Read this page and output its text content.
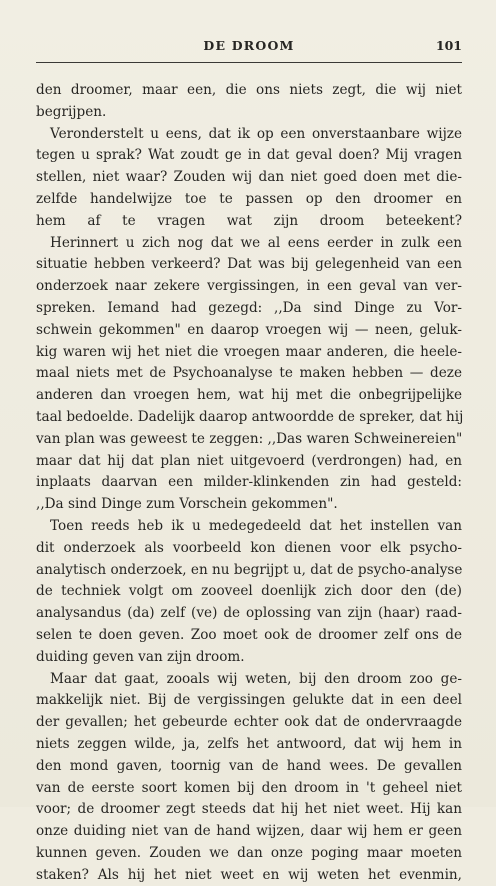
DE DROOM	101
den droomer, maar een, die ons niets zegt, die wij niet
begrijpen.
Veronderstelt u eens, dat ik op een onverstaanbare wijze
tegen u sprak? Wat zoudt ge in dat geval doen? Mij vragen
stellen, niet waar? Zouden wij dan niet goed doen met die-
zelfde handelwijze toe te passen op den droomer en
hem af te vragen wat zijn droom beteekent?
Herinnert u zich nog dat we al eens eerder in zulk een
situatie hebben verkeerd? Dat was bij gelegenheid van een
onderzoek naar zekere vergissingen, in een geval van ver-
spreken. Iemand had gezegd: ,,Da sind Dinge zu Vor-
schwein gekommen" en daarop vroegen wij — neen, geluk-
kig waren wij het niet die vroegen maar anderen, die heele-
maal niets met de Psychoanalyse te maken hebben — deze
anderen dan vroegen hem, wat hij met die onbegrijpelijke
taal bedoelde. Dadelijk daarop antwoordde de spreker, dat hij
van plan was geweest te zeggen: ,,Das waren Schweinereien"
maar dat hij dat plan niet uitgevoerd (verdrongen) had, en
inplaats daarvan een milder-klinkenden zin had gesteld:
,,Da sind Dinge zum Vorschein gekommen".
Toen reeds heb ik u medegedeeld dat het instellen van
dit onderzoek als voorbeeld kon dienen voor elk psycho-
analytisch onderzoek, en nu begrijpt u, dat de psycho-analyse
de techniek volgt om zooveel doenlijk zich door den (de)
analysandus (da) zelf (ve) de oplossing van zijn (haar) raad-
selen te doen geven. Zoo moet ook de droomer zelf ons de
duiding geven van zijn droom.
Maar dat gaat, zooals wij weten, bij den droom zoo ge-
makkelijk niet. Bij de vergissingen gelukte dat in een deel
der gevallen; het gebeurde echter ook dat de ondervraagde
niets zeggen wilde, ja, zelfs het antwoord, dat wij hem in
den mond gaven, toornig van de hand wees. De gevallen
van de eerste soort komen bij den droom in 't geheel niet
voor; de droomer zegt steeds dat hij het niet weet. Hij kan
onze duiding niet van de hand wijzen, daar wij hem er geen
kunnen geven. Zouden we dan onze poging maar moeten
staken? Als hij het niet weet en wij weten het evenmin,
